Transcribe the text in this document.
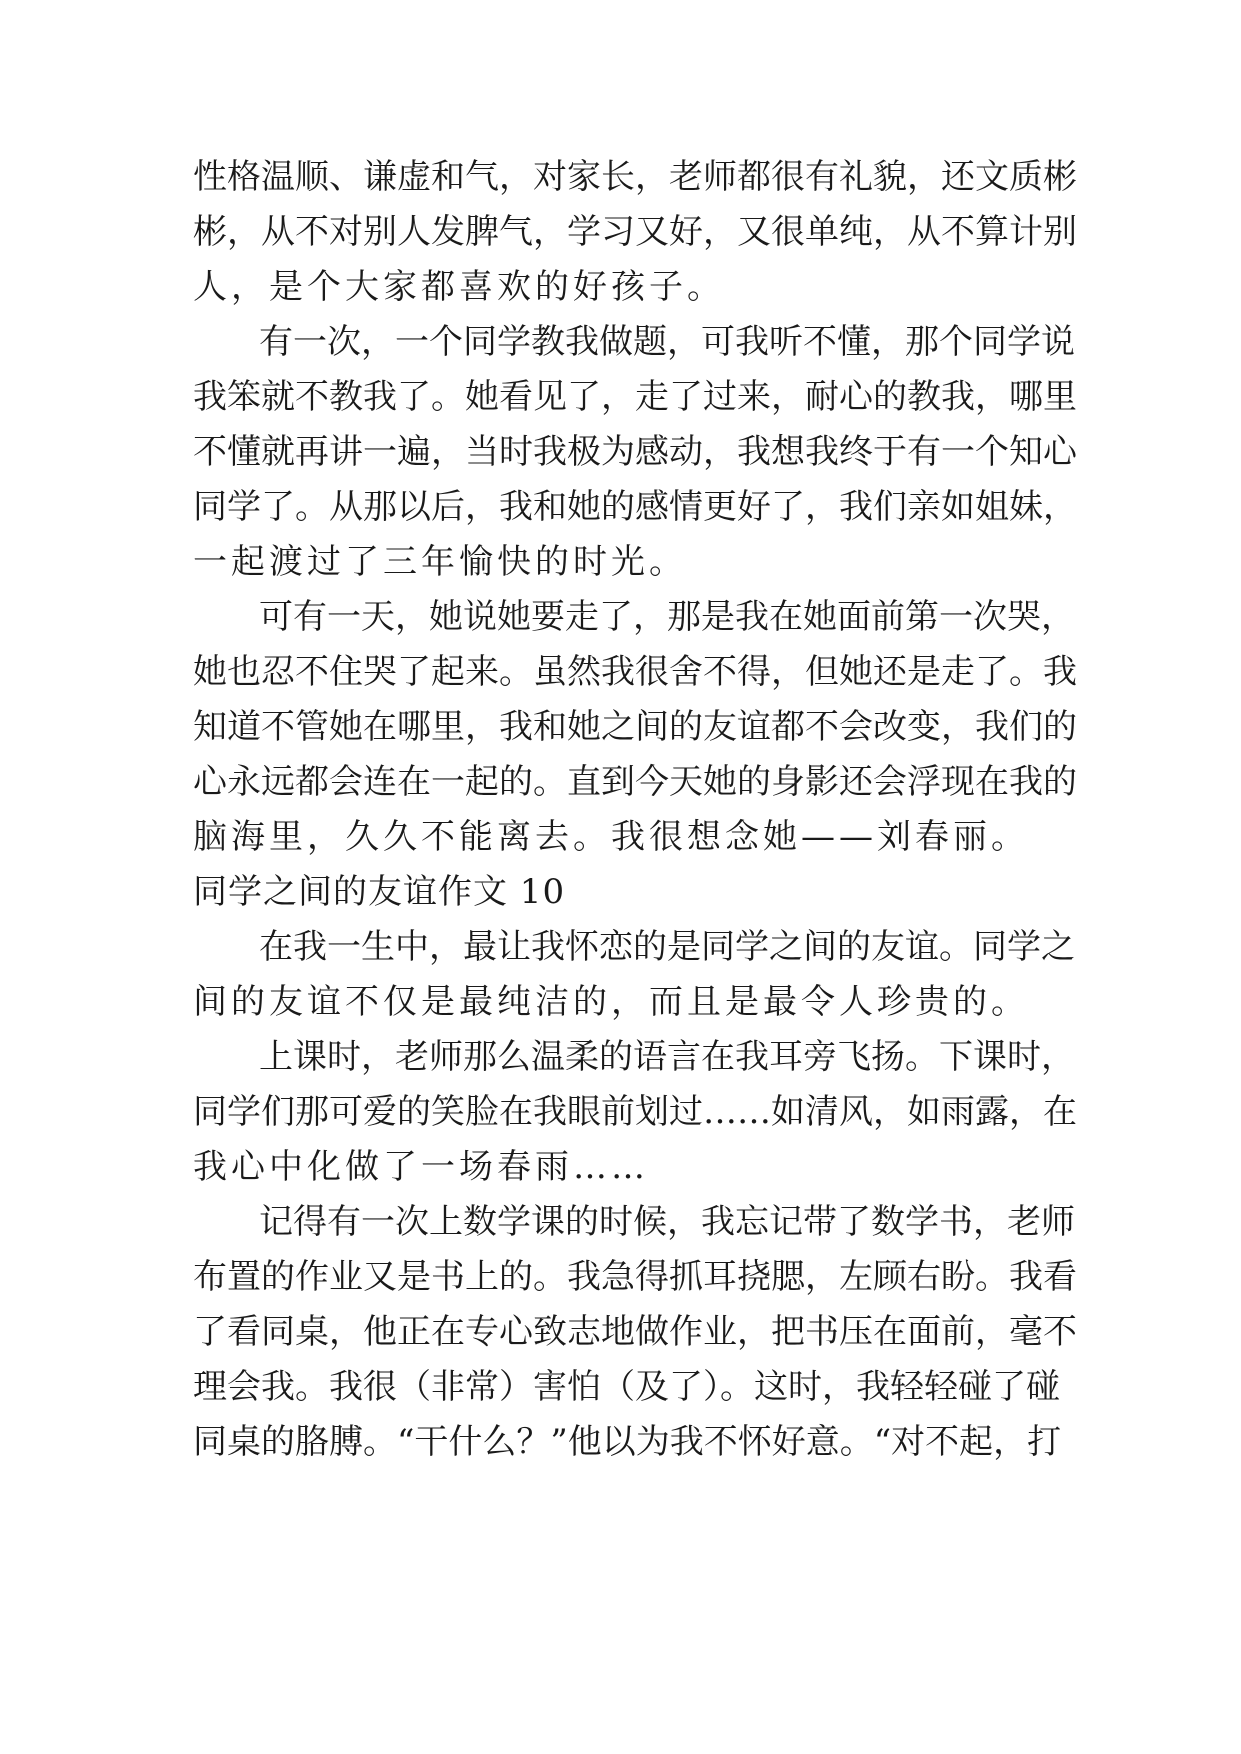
性格温顺、谦虚和气，对家长，老师都很有礼貌，还文质彬
彬，从不对别人发脾气，学习又好，又很单纯，从不算计别
人，是个大家都喜欢的好孩子。
有一次，一个同学教我做题，可我听不懂，那个同学说
我笨就不教我了。她看见了，走了过来，耐心的教我，哪里
不懂就再讲一遍，当时我极为感动，我想我终于有一个知心
同学了。从那以后，我和她的感情更好了，我们亲如姐妹，
一起渡过了三年愉快的时光。
可有一天，她说她要走了，那是我在她面前第一次哭，
她也忍不住哭了起来。虽然我很舍不得，但她还是走了。我
知道不管她在哪里，我和她之间的友谊都不会改变，我们的
心永远都会连在一起的。直到今天她的身影还会浮现在我的
脑海里，久久不能离去。我很想念她——刘春丽。
同学之间的友谊作文 10
在我一生中，最让我怀恋的是同学之间的友谊。同学之
间的友谊不仅是最纯洁的，而且是最令人珍贵的。
上课时，老师那么温柔的语言在我耳旁飞扬。下课时，
同学们那可爱的笑脸在我眼前划过……如清风，如雨露，在
我心中化做了一场春雨……
记得有一次上数学课的时候，我忘记带了数学书，老师
布置的作业又是书上的。我急得抓耳挠腮，左顾右盼。我看
了看同桌，他正在专心致志地做作业，把书压在面前，毫不
理会我。我很（非常）害怕（及了）。这时，我轻轻碰了碰
同桌的胳膊。“干什么？”他以为我不怀好意。“对不起，打
